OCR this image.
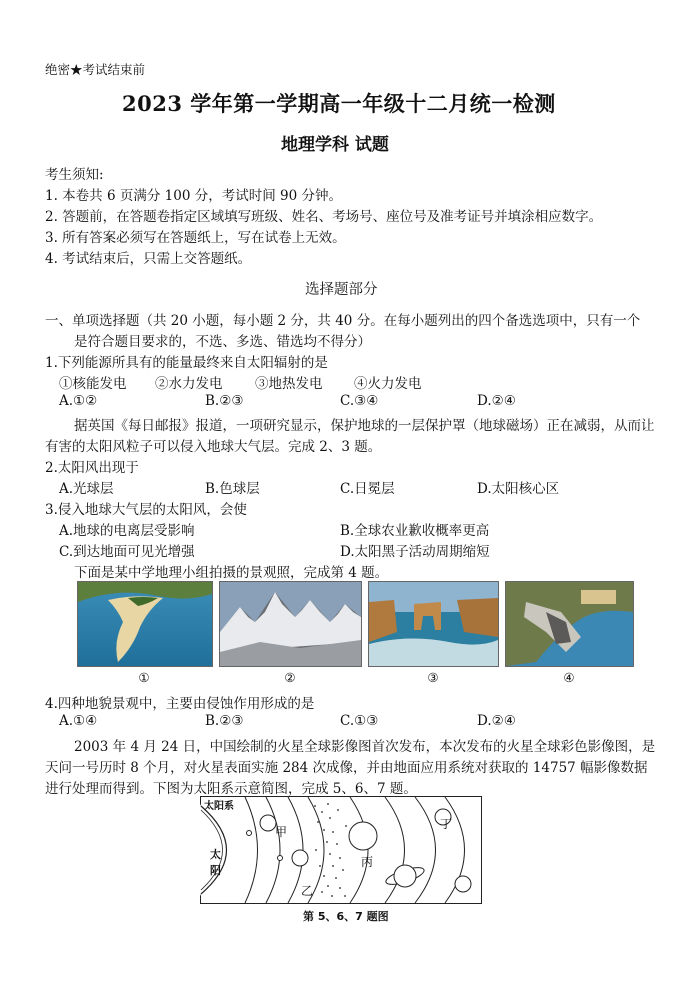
绝密★考试结束前
2023 学年第一学期高一年级十二月统一检测
地理学科 试题
考生须知:
1. 本卷共 6 页满分 100 分，考试时间 90 分钟。
2. 答题前，在答题卷指定区域填写班级、姓名、考场号、座位号及准考证号并填涂相应数字。
3. 所有答案必须写在答题纸上，写在试卷上无效。
4. 考试结束后，只需上交答题纸。
选择题部分
一、单项选择题（共 20 小题，每小题 2 分，共 40 分。在每小题列出的四个备选选项中，只有一个
是符合题目要求的，不选、多选、错选均不得分）
1.下列能源所具有的能量最终来自太阳辐射的是
①核能发电 ②水力发电 ③地热发电 ④火力发电
A.①②	B.②③	C.③④	D.②④
据英国《每日邮报》报道，一项研究显示，保护地球的一层保护罩（地球磁场）正在减弱，从而让
有害的太阳风粒子可以侵入地球大气层。完成 2、3 题。
2.太阳风出现于
A.光球层	B.色球层	C.日冕层	D.太阳核心区
3.侵入地球大气层的太阳风，会使
A.地球的电离层受影响	B.全球农业歉收概率更高
C.到达地面可见光增强	D.太阳黑子活动周期缩短
下面是某中学地理小组拍摄的景观照，完成第 4 题。
①	②	③	④
4.四种地貌景观中，主要由侵蚀作用形成的是
A.①④	B.②③	C.①③	D.②④
2003 年 4 月 24 日，中国绘制的火星全球影像图首次发布，本次发布的火星全球彩色影像图，是
天问一号历时 8 个月，对火星表面实施 284 次成像，并由地面应用系统对获取的 14757 幅影像数据
进行处理而得到。下图为太阳系示意简图，完成 5、6、7 题。
太阳系
太
阳
甲
乙
丙
丁
第 5、6、7 题图
